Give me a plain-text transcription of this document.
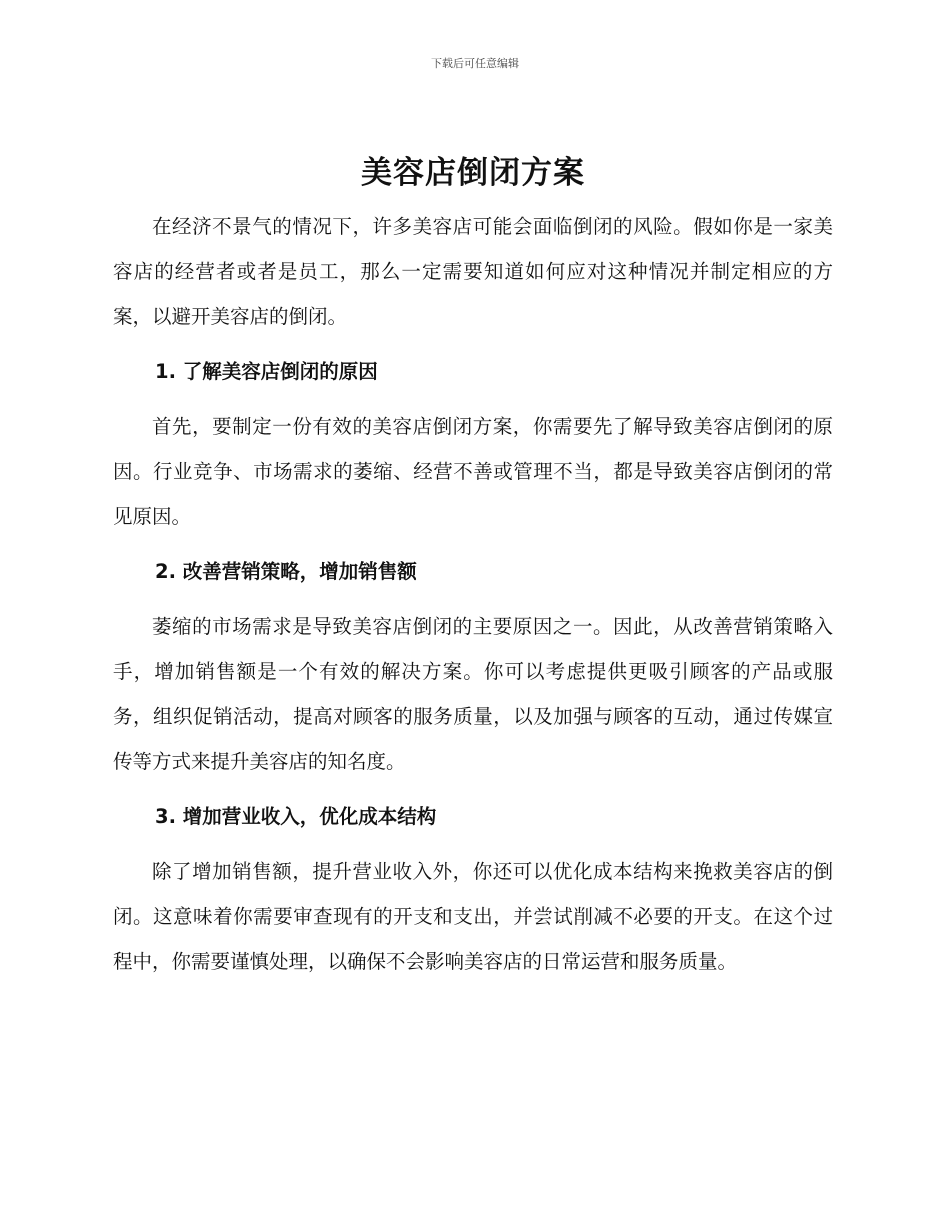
下载后可任意编辑
美容店倒闭方案

在经济不景气的情况下，许多美容店可能会面临倒闭的风险。假如你是一家美容店的经营者或者是员工，那么一定需要知道如何应对这种情况并制定相应的方案，以避开美容店的倒闭。

1. 了解美容店倒闭的原因

首先，要制定一份有效的美容店倒闭方案，你需要先了解导致美容店倒闭的原因。行业竞争、市场需求的萎缩、经营不善或管理不当，都是导致美容店倒闭的常见原因。

2. 改善营销策略，增加销售额

萎缩的市场需求是导致美容店倒闭的主要原因之一。因此，从改善营销策略入手，增加销售额是一个有效的解决方案。你可以考虑提供更吸引顾客的产品或服务，组织促销活动，提高对顾客的服务质量，以及加强与顾客的互动，通过传媒宣传等方式来提升美容店的知名度。

3. 增加营业收入，优化成本结构

除了增加销售额，提升营业收入外，你还可以优化成本结构来挽救美容店的倒闭。这意味着你需要审查现有的开支和支出，并尝试削减不必要的开支。在这个过程中，你需要谨慎处理，以确保不会影响美容店的日常运营和服务质量。
